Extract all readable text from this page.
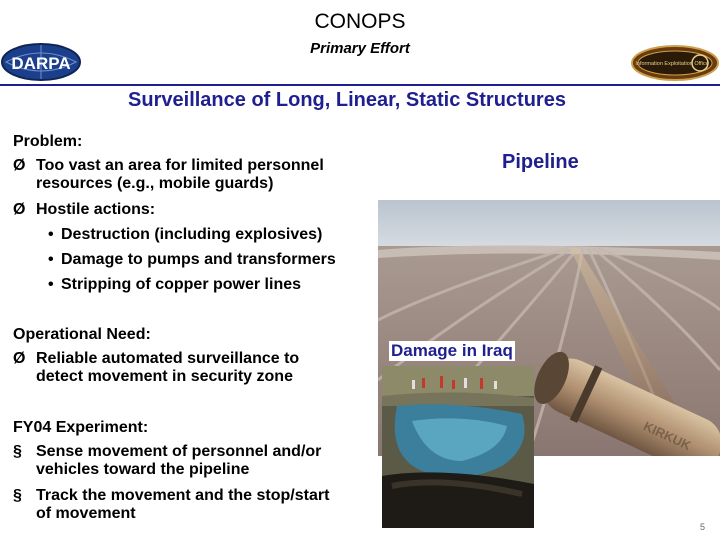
CONOPS
Primary Effort
DARPA	Information Exploitation Office
Surveillance of Long, Linear, Static Structures
Problem:
Ø Too vast an area for limited personnel
resources (e.g., mobile guards)
Ø Hostile actions:
• Destruction (including explosives)
• Damage to pumps and transformers
• Stripping of copper power lines
Operational Need:
Ø Reliable automated surveillance to
detect movement in security zone
FY04 Experiment:
§ Sense movement of personnel and/or
vehicles toward the pipeline
§ Track the movement and the stop/start
of movement
Pipeline
KIRKUK
Damage in Iraq
5
